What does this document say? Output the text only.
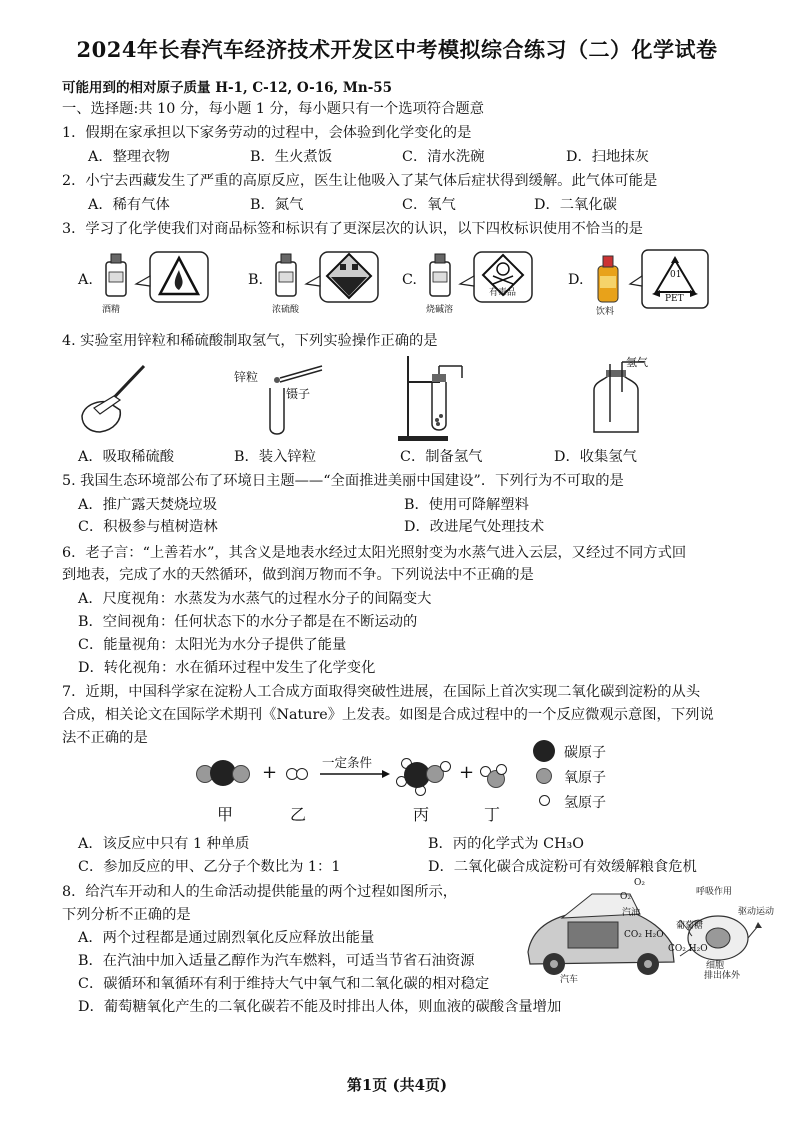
2024年长春汽车经济技术开发区中考模拟综合练习（二）化学试卷
可能用到的相对原子质量 H-1, C-12, O-16, Mn-55
一、选择题:共 10 分，每小题 1 分，每小题只有一个选项符合题意
1．假期在家承担以下家务劳动的过程中，会体验到化学变化的是
A．整理衣物	B．生火煮饭	C．清水洗碗	D．扫地抹灰
2．小宁去西藏发生了严重的高原反应，医生让他吸入了某气体后症状得到缓解。此气体可能是
A．稀有气体	B．氮气	C．氧气	D．二氧化碳
3．学习了化学使我们对商品标签和标识有了更深层次的认识，以下四枚标识使用不恰当的是
A.
酒精
B.
浓硫酸
C.
有毒品
烧碱溶
D.	01
PET
饮料
4. 实验室用锌粒和稀硫酸制取氢气，下列实验操作正确的是
锌粒
镊子
氢气
A．吸取稀硫酸	B．装入锌粒	C．制备氢气	D．收集氢气
5. 我国生态环境部公布了环境日主题——“全面推进美丽中国建设”．下列行为不可取的是
A．推广露天焚烧垃圾	B．使用可降解塑料
C．积极参与植树造林	D．改进尾气处理技术
6．老子言：“上善若水”，其含义是地表水经过太阳光照射变为水蒸气进入云层，又经过不同方式回
到地表，完成了水的天然循环，做到润万物而不争。下列说法中不正确的是
A．尺度视角：水蒸发为水蒸气的过程水分子的间隔变大
B．空间视角：任何状态下的水分子都是在不断运动的
C．能量视角：太阳光为水分子提供了能量
D．转化视角：水在循环过程中发生了化学变化
7．近期，中国科学家在淀粉人工合成方面取得突破性进展，在国际上首次实现二氧化碳到淀粉的从头
合成，相关论文在国际学术期刊《Nature》上发表。如图是合成过程中的一个反应微观示意图，下列说
法不正确的是
+	一定条件	+
甲	乙	丙	丁
碳原子
氧原子
氢原子
A．该反应中只有 1 种单质	B．丙的化学式为 CH₃O
C．参加反应的甲、乙分子个数比为 1：1	D．二氧化碳合成淀粉可有效缓解粮食危机
8．给汽车开动和人的生命活动提供能量的两个过程如图所示，
下列分析不正确的是
A．两个过程都是通过剧烈氧化反应释放出能量
B．在汽油中加入适量乙醇作为汽车燃料，可适当节省石油资源
C．碳循环和氧循环有利于维持大气中氧气和二氧化碳的相对稳定
D．葡萄糖氧化产生的二氧化碳若不能及时排出人体，则血液的碳酸含量增加
O₂
O₂
汽油
呼吸作用
葡萄糖
驱动运动
CO₂ H₂O
CO₂ H₂O
汽车
细胞
排出体外
第1页 (共4页)
